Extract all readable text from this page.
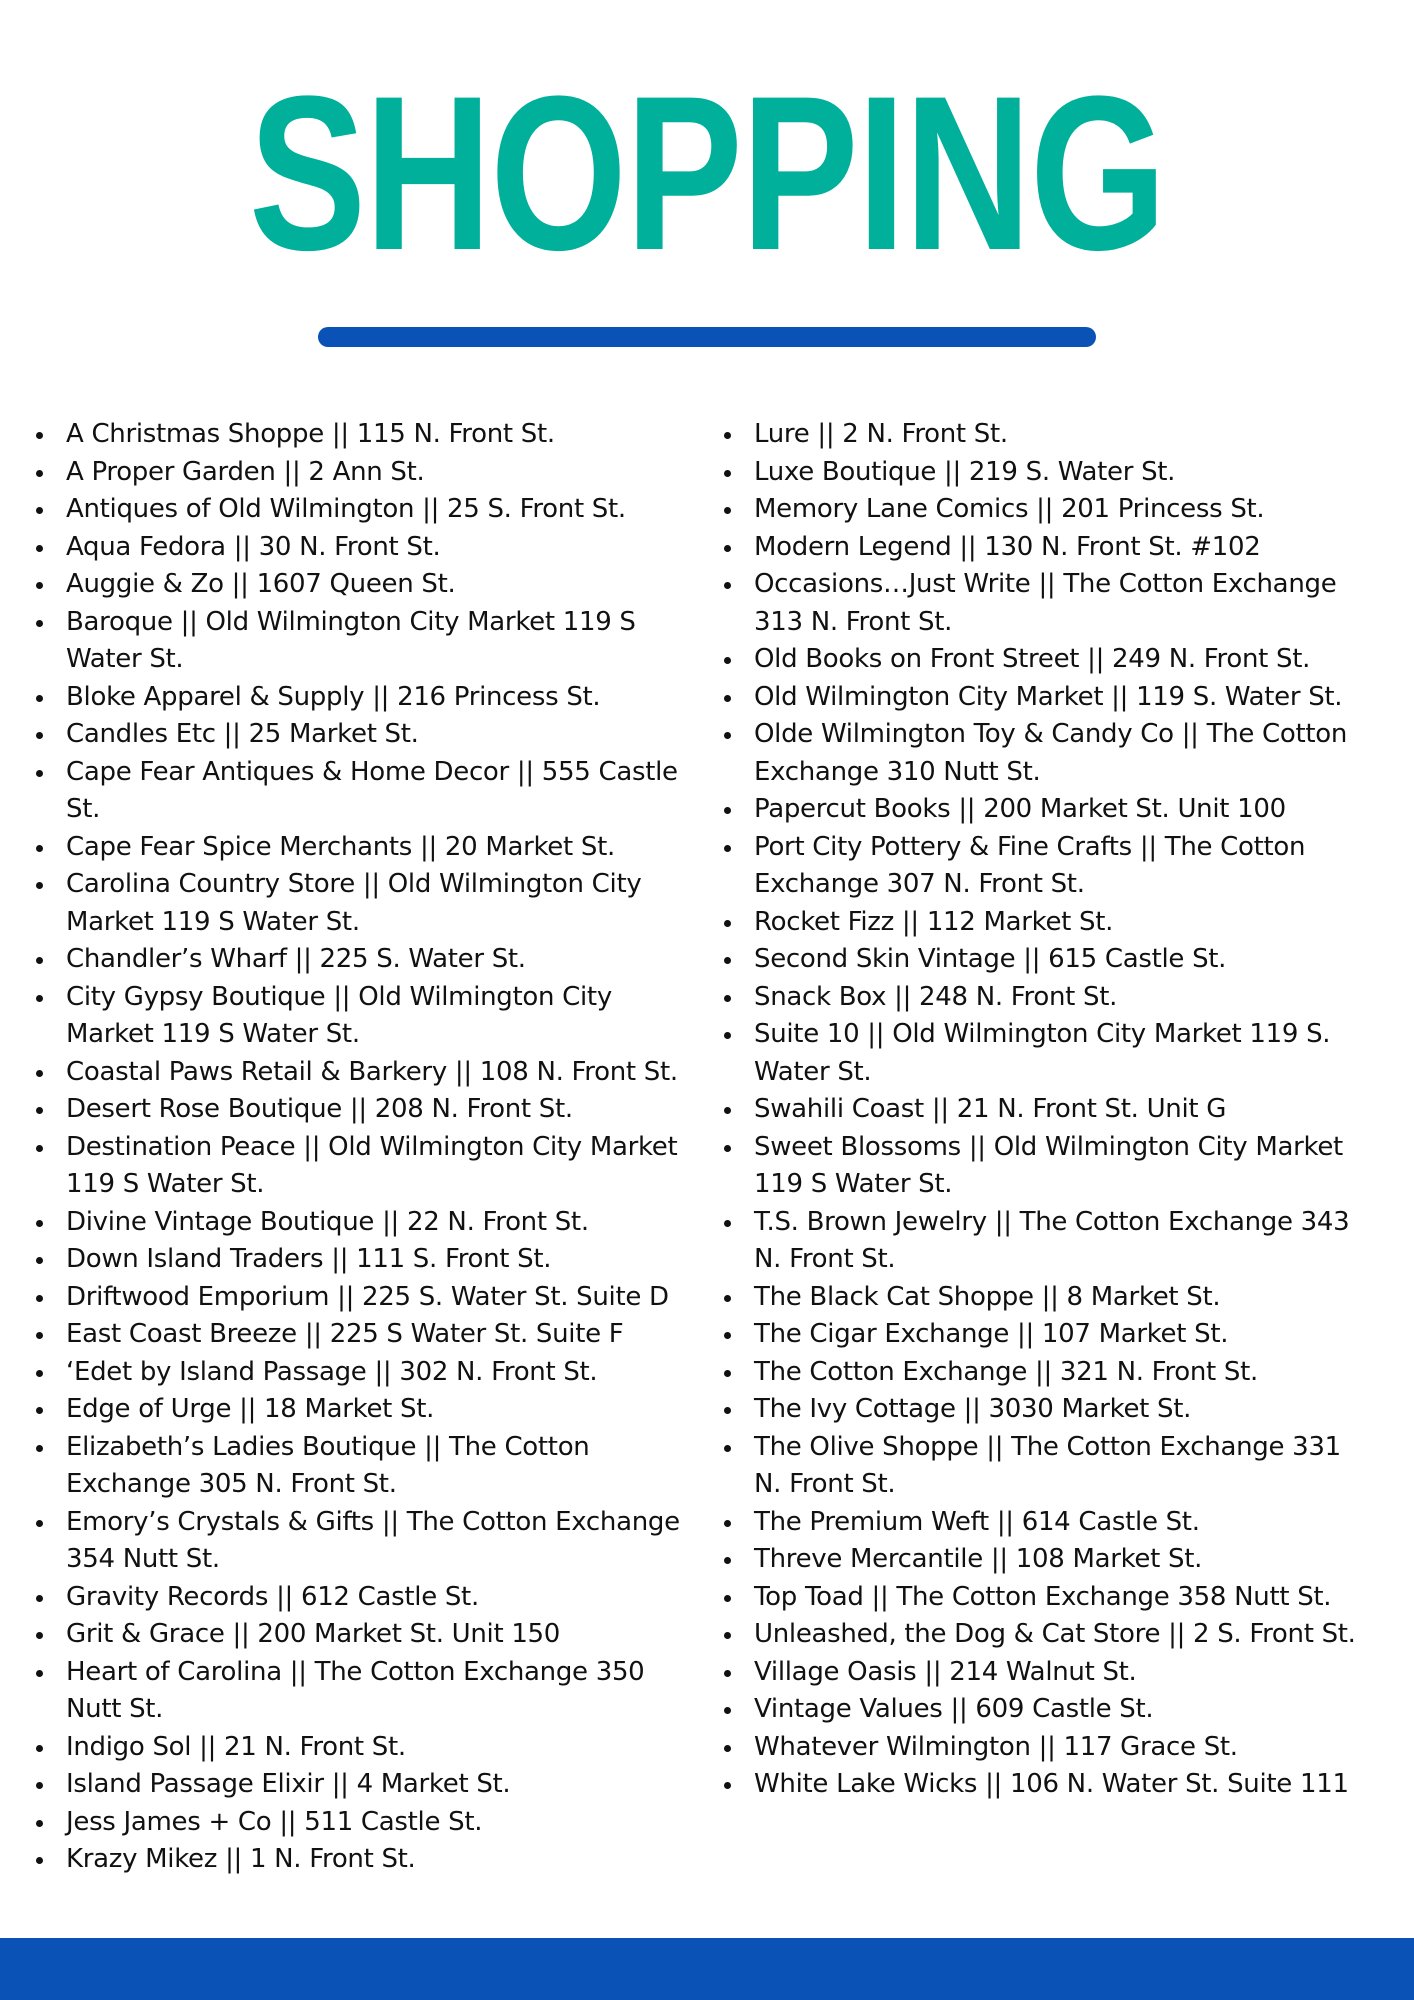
SHOPPING
A Christmas Shoppe || 115 N. Front St.
A Proper Garden || 2 Ann St.
Antiques of Old Wilmington || 25 S. Front St.
Aqua Fedora || 30 N. Front St.
Auggie & Zo || 1607 Queen St.
Baroque || Old Wilmington City Market 119 S
Water St.
Bloke Apparel & Supply || 216 Princess St.
Candles Etc || 25 Market St.
Cape Fear Antiques & Home Decor || 555 Castle
St.
Cape Fear Spice Merchants || 20 Market St.
Carolina Country Store || Old Wilmington City
Market 119 S Water St.
Chandler’s Wharf || 225 S. Water St.
City Gypsy Boutique || Old Wilmington City
Market 119 S Water St.
Coastal Paws Retail & Barkery || 108 N. Front St.
Desert Rose Boutique || 208 N. Front St.
Destination Peace || Old Wilmington City Market
119 S Water St.
Divine Vintage Boutique || 22 N. Front St.
Down Island Traders || 111 S. Front St.
Driftwood Emporium || 225 S. Water St. Suite D
East Coast Breeze || 225 S Water St. Suite F
‘Edet by Island Passage || 302 N. Front St.
Edge of Urge || 18 Market St.
Elizabeth’s Ladies Boutique || The Cotton
Exchange 305 N. Front St.
Emory’s Crystals & Gifts || The Cotton Exchange
354 Nutt St.
Gravity Records || 612 Castle St.
Grit & Grace || 200 Market St. Unit 150
Heart of Carolina || The Cotton Exchange 350
Nutt St.
Indigo Sol || 21 N. Front St.
Island Passage Elixir || 4 Market St.
Jess James + Co || 511 Castle St.
Krazy Mikez || 1 N. Front St.
Lure || 2 N. Front St.
Luxe Boutique || 219 S. Water St.
Memory Lane Comics || 201 Princess St.
Modern Legend || 130 N. Front St. #102
Occasions…Just Write || The Cotton Exchange
313 N. Front St.
Old Books on Front Street || 249 N. Front St.
Old Wilmington City Market || 119 S. Water St.
Olde Wilmington Toy & Candy Co || The Cotton
Exchange 310 Nutt St.
Papercut Books || 200 Market St. Unit 100
Port City Pottery & Fine Crafts || The Cotton
Exchange 307 N. Front St.
Rocket Fizz || 112 Market St.
Second Skin Vintage || 615 Castle St.
Snack Box || 248 N. Front St.
Suite 10 || Old Wilmington City Market 119 S.
Water St.
Swahili Coast || 21 N. Front St. Unit G
Sweet Blossoms || Old Wilmington City Market
119 S Water St.
T.S. Brown Jewelry || The Cotton Exchange 343
N. Front St.
The Black Cat Shoppe || 8 Market St.
The Cigar Exchange || 107 Market St.
The Cotton Exchange || 321 N. Front St.
The Ivy Cottage || 3030 Market St.
The Olive Shoppe || The Cotton Exchange 331
N. Front St.
The Premium Weft || 614 Castle St.
Threve Mercantile || 108 Market St.
Top Toad || The Cotton Exchange 358 Nutt St.
Unleashed, the Dog & Cat Store || 2 S. Front St.
Village Oasis || 214 Walnut St.
Vintage Values || 609 Castle St.
Whatever Wilmington || 117 Grace St.
White Lake Wicks || 106 N. Water St. Suite 111
